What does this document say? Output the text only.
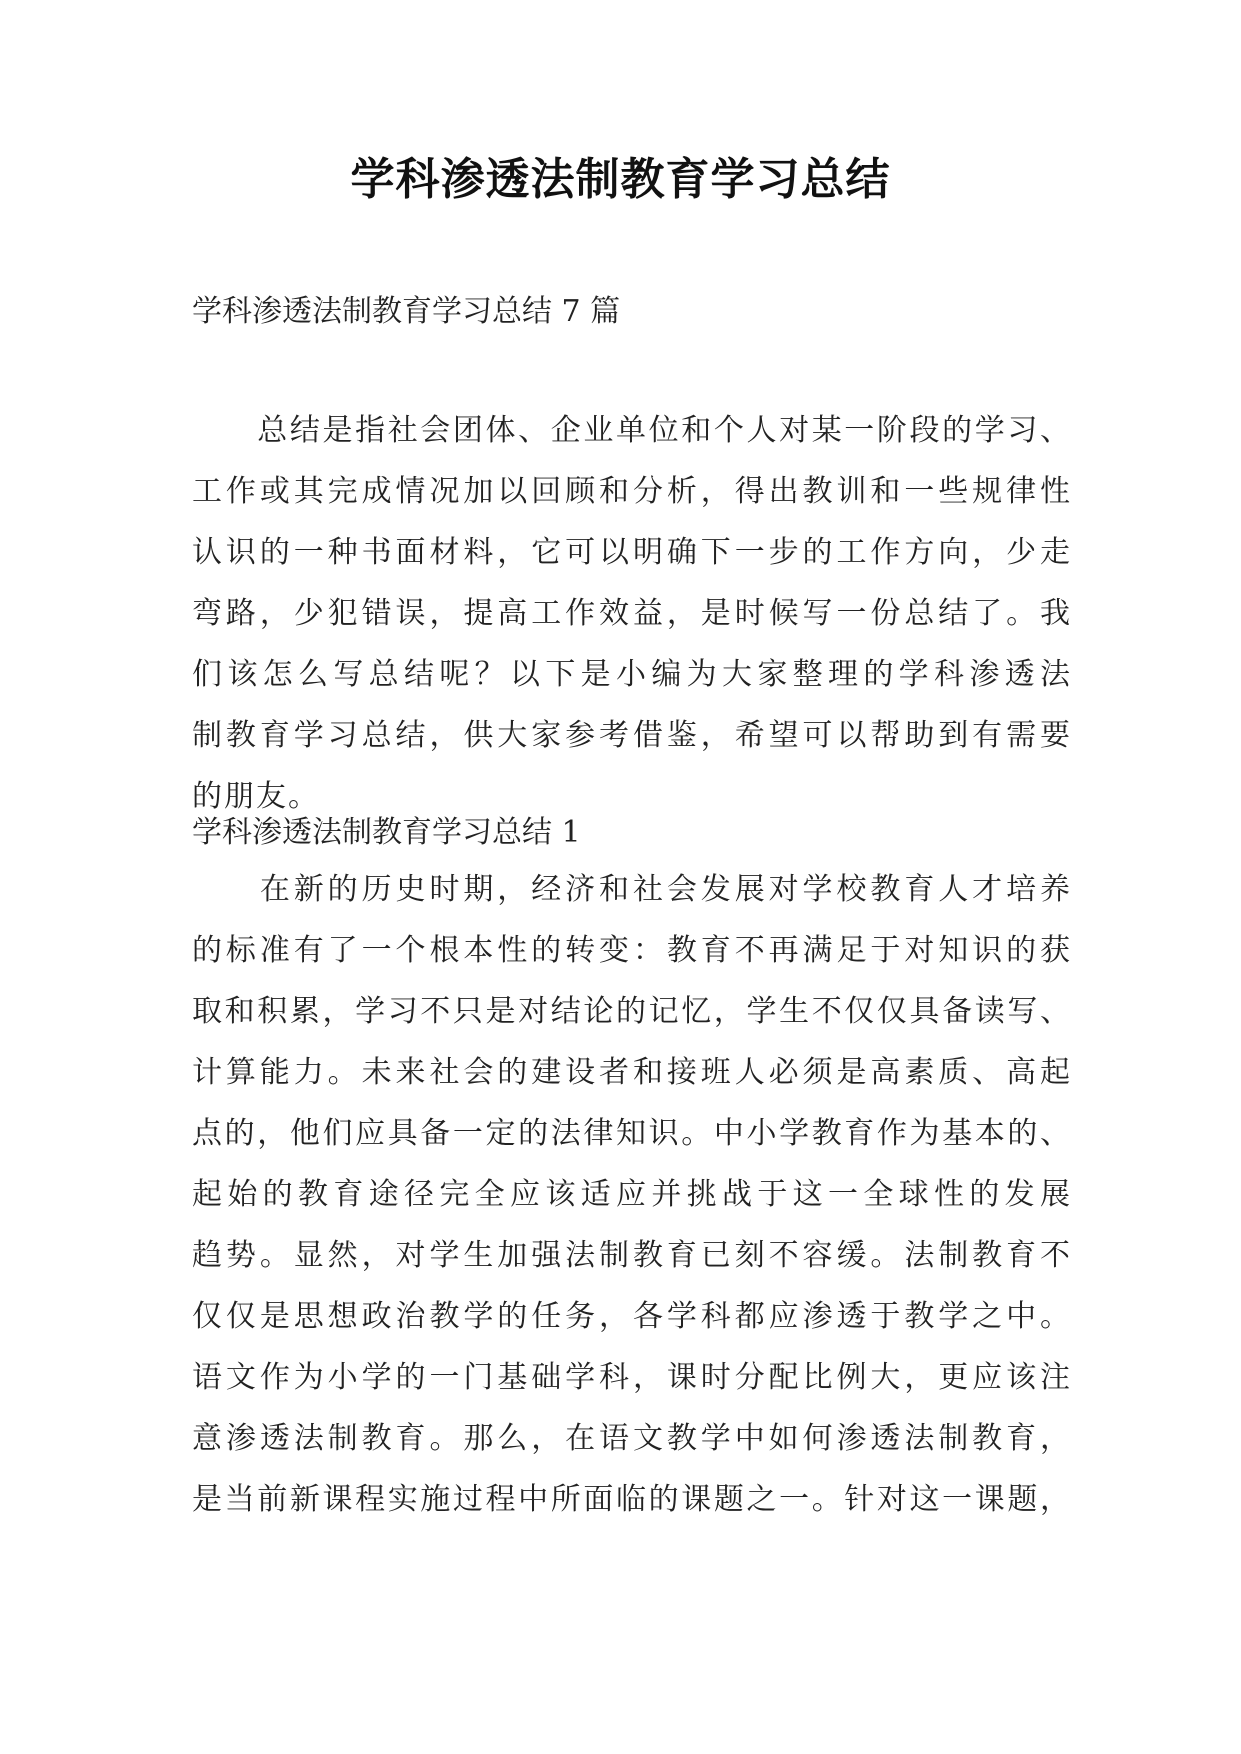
学科渗透法制教育学习总结
学科渗透法制教育学习总结 7 篇
　　总结是指社会团体、企业单位和个人对某一阶段的学习、
工作或其完成情况加以回顾和分析，得出教训和一些规律性
认识的一种书面材料，它可以明确下一步的工作方向，少走
弯路，少犯错误，提高工作效益，是时候写一份总结了。我
们该怎么写总结呢？以下是小编为大家整理的学科渗透法
制教育学习总结，供大家参考借鉴，希望可以帮助到有需要
的朋友。
学科渗透法制教育学习总结 1
　　在新的历史时期，经济和社会发展对学校教育人才培养
的标准有了一个根本性的转变：教育不再满足于对知识的获
取和积累，学习不只是对结论的记忆，学生不仅仅具备读写、
计算能力。未来社会的建设者和接班人必须是高素质、高起
点的，他们应具备一定的法律知识。中小学教育作为基本的、
起始的教育途径完全应该适应并挑战于这一全球性的发展
趋势。显然，对学生加强法制教育已刻不容缓。法制教育不
仅仅是思想政治教学的任务，各学科都应渗透于教学之中。
语文作为小学的一门基础学科，课时分配比例大，更应该注
意渗透法制教育。那么，在语文教学中如何渗透法制教育，
是当前新课程实施过程中所面临的课题之一。针对这一课题，
